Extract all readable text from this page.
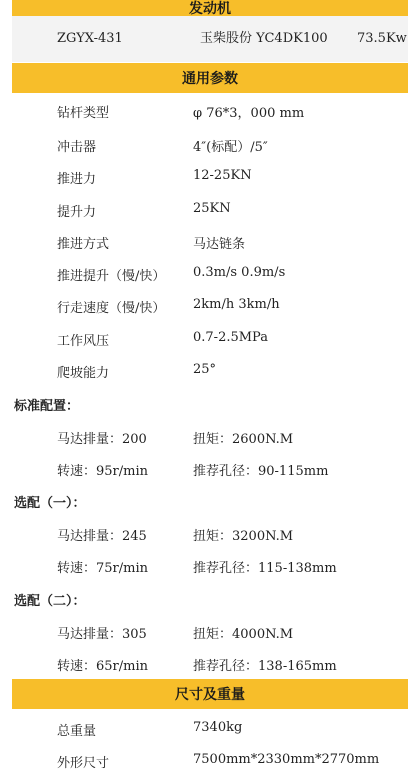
发动机
ZGYX-431	玉柴股份 YC4DK100 73.5Kw
通用参数
钻杆类型	φ 76*3，000 mm
冲击器	4″(标配）/5″
推进力	12-25KN
提升力	25KN
推进方式	马达链条
推进提升（慢/快） 0.3m/s 0.9m/s
行走速度（慢/快） 2km/h 3km/h
工作风压	0.7-2.5MPa
爬坡能力	25°
标准配置：
马达排量：200	扭矩：2600N.M
转速：95r/min	推荐孔径：90-115mm
选配（一）：
马达排量：245	扭矩：3200N.M
转速：75r/min	推荐孔径：115-138mm
选配（二）：
马达排量：305	扭矩：4000N.M
转速：65r/min	推荐孔径：138-165mm
尺寸及重量
总重量	7340kg
外形尺寸	7500mm*2330mm*2770mm
